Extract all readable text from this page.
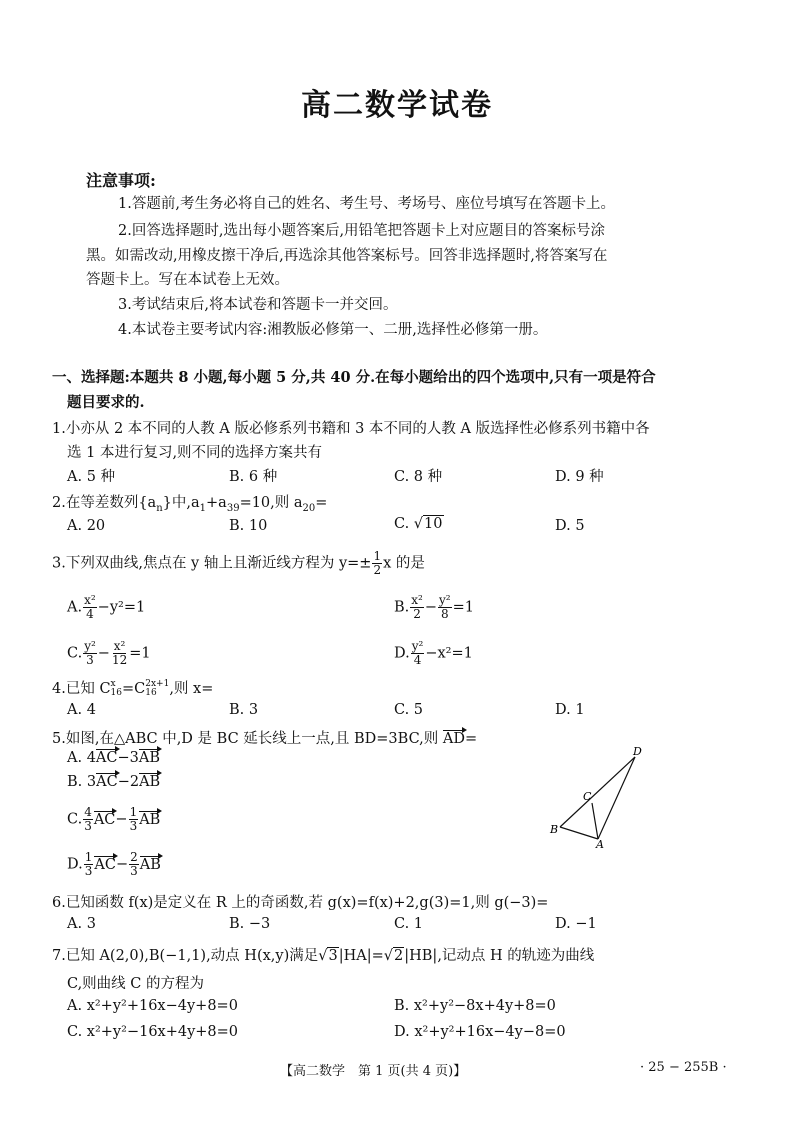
高二数学试卷
注意事项:
1.答题前,考生务必将自己的姓名、考生号、考场号、座位号填写在答题卡上。
2.回答选择题时,选出每小题答案后,用铅笔把答题卡上对应题目的答案标号涂
黑。如需改动,用橡皮擦干净后,再选涂其他答案标号。回答非选择题时,将答案写在
答题卡上。写在本试卷上无效。
3.考试结束后,将本试卷和答题卡一并交回。
4.本试卷主要考试内容:湘教版必修第一、二册,选择性必修第一册。
一、选择题:本题共 8 小题,每小题 5 分,共 40 分.在每小题给出的四个选项中,只有一项是符合
题目要求的.
1.小亦从 2 本不同的人教 A 版必修系列书籍和 3 本不同的人教 A 版选择性必修系列书籍中各
选 1 本进行复习,则不同的选择方案共有
A. 5 种	B. 6 种	C. 8 种	D. 9 种
2.在等差数列$\{a_n\}$中$,a_1+a_{39}=10$,则 $a_{20}=$
A. 20	B. 10	C. √10	D. 5
3.下列双曲线,焦点在 y 轴上且渐近线方程为 $y=\pm \frac{1}{2}$ x 的是
A. $\frac{\text{x²}}{4} -y^2=1$	B. $\frac{\text{x²}}{2} - \frac{\text{y²}}{8} =1$
C. $\frac{\text{y²}}{3} - \frac{\text{x²}}{12} =1$	D. $\frac{\text{y²}}{4} -x^2=1$
4.已知 C x
16 =C 2x+1
16 ,则 x=
A. 4	B. 3	C. 5	D. 1
5.如图,在△ABC 中,D 是 BC 延长线上一点,且 BD=3BC,则 AD=
A. 4AC−3AB
B. 3AC−2AB
C. $\frac{4}{3} AC- \frac{1}{3}$ AB
D. $\frac{1}{3} AC- \frac{2}{3}$ AB
D
C
B
A
6.已知函数 f(x)是定义在 R 上的奇函数,若 g(x)=f(x)+2,g(3)=1,则 g(−3)=
A. 3	B. −3	C. 1	D. −1
7.已知 A(2,0),B(−1,1),动点 H(x,y)满足√3|HA|=√2|HB|,记动点 H 的轨迹为曲线
C,则曲线 C 的方程为
A. x²+y²+16x−4y+8=0	B. x²+y²−8x+4y+8=0
C. x²+y²−16x+4y+8=0	D. x²+y²+16x−4y−8=0
【高二数学　第 1 页(共 4 页)】	· 25 − 255B ·
